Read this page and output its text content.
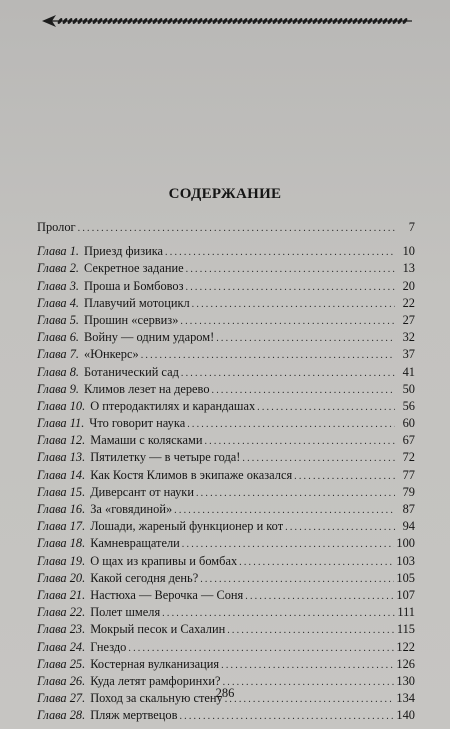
СОДЕРЖАНИЕ
Пролог .....	7
Глава 1. Приезд физика .....	10
Глава 2. Секретное задание .....	13
Глава 3. Проша и Бомбовоз .....	20
Глава 4. Плавучий мотоцикл .....	22
Глава 5. Прошин «сервиз» .....	27
Глава 6. Войну — одним ударом! .....	32
Глава 7. «Юнкерс» .....	37
Глава 8. Ботанический сад .....	41
Глава 9. Климов лезет на дерево .....	50
Глава 10. О птеродактилях и карандашах .....	56
Глава 11. Что говорит наука .....	60
Глава 12. Мамаши с колясками .....	67
Глава 13. Пятилетку — в четыре года! .....	72
Глава 14. Как Костя Климов в экипаже оказался .....	77
Глава 15. Диверсант от науки .....	79
Глава 16. За «говядиной» .....	87
Глава 17. Лошади, жареный функционер и кот .....	94
Глава 18. Камневращатели .....	100
Глава 19. О щах из крапивы и бомбах .....	103
Глава 20. Какой сегодня день? .....	105
Глава 21. Настюха — Верочка — Соня .....	107
Глава 22. Полет шмеля .....	111
Глава 23. Мокрый песок и Сахалин .....	115
Глава 24. Гнездо .....	122
Глава 25. Костерная вулканизация .....	126
Глава 26. Куда летят рамфоринхи? .....	130
Глава 27. Поход за скальную стену .....	134
Глава 28. Пляж мертвецов .....	140
286
